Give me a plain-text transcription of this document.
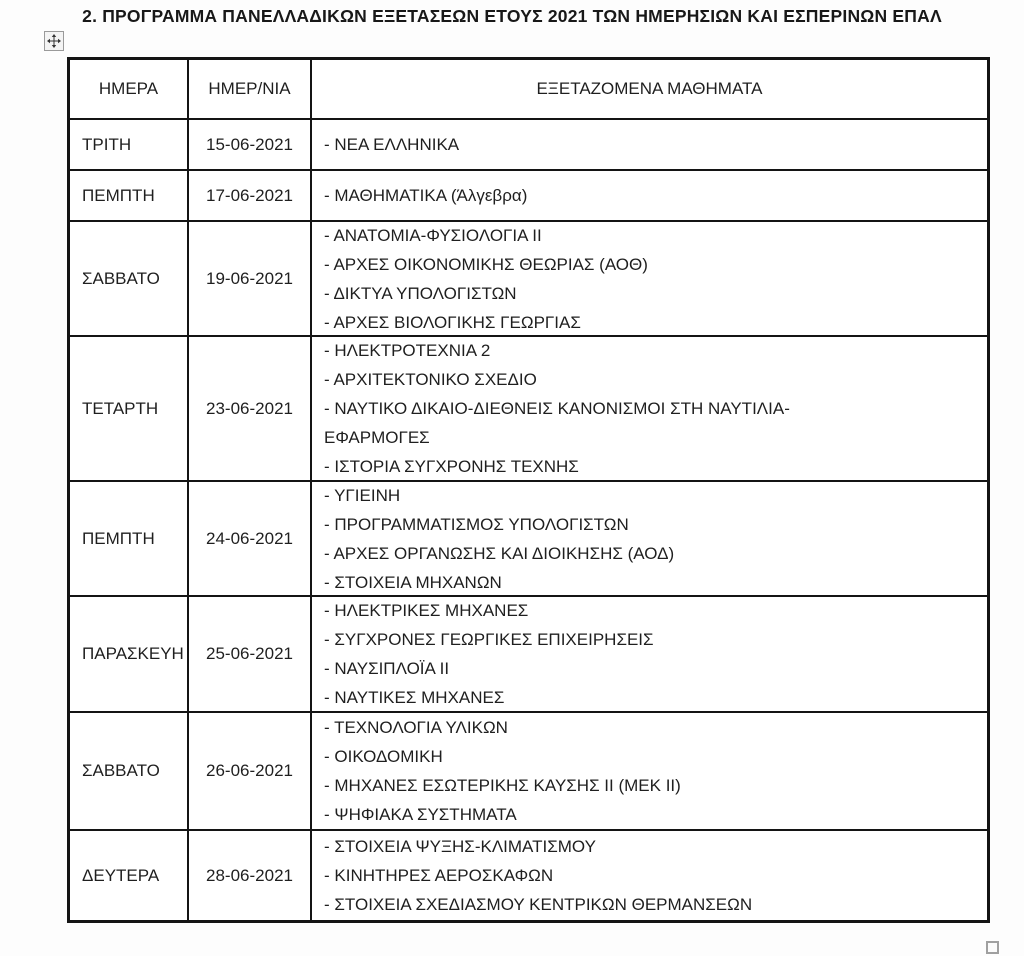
2. ΠΡΟΓΡΑΜΜΑ ΠΑΝΕΛΛΑΔΙΚΩΝ ΕΞΕΤΑΣΕΩΝ ΕΤΟΥΣ 2021 ΤΩΝ ΗΜΕΡΗΣΙΩΝ ΚΑΙ ΕΣΠΕΡΙΝΩΝ ΕΠΑΛ
ΗΜΕΡΑ	ΗΜΕΡ/ΝΙΑ	ΕΞΕΤΑΖΟΜΕΝΑ ΜΑΘΗΜΑΤΑ
ΤΡΙΤΗ	15-06-2021	- ΝΕΑ ΕΛΛΗΝΙΚΑ
ΠΕΜΠΤΗ	17-06-2021	- ΜΑΘΗΜΑΤΙΚΑ (Άλγεβρα)
ΣΑΒΒΑΤΟ	19-06-2021
- ΑΝΑΤΟΜΙΑ-ΦΥΣΙΟΛΟΓΙΑ ΙΙ
- ΑΡΧΕΣ ΟΙΚΟΝΟΜΙΚΗΣ ΘΕΩΡΙΑΣ (ΑΟΘ)
- ΔΙΚΤΥΑ ΥΠΟΛΟΓΙΣΤΩΝ
- ΑΡΧΕΣ ΒΙΟΛΟΓΙΚΗΣ ΓΕΩΡΓΙΑΣ
ΤΕΤΑΡΤΗ	23-06-2021
- ΗΛΕΚΤΡΟΤΕΧΝΙΑ 2
- ΑΡΧΙΤΕΚΤΟΝΙΚΟ ΣΧΕΔΙΟ
- ΝΑΥΤΙΚΟ ΔΙΚΑΙΟ-ΔΙΕΘΝΕΙΣ ΚΑΝΟΝΙΣΜΟΙ ΣΤΗ ΝΑΥΤΙΛΙΑ-
ΕΦΑΡΜΟΓΕΣ
- ΙΣΤΟΡΙΑ ΣΥΓΧΡΟΝΗΣ ΤΕΧΝΗΣ
ΠΕΜΠΤΗ	24-06-2021
- ΥΓΙΕΙΝΗ
- ΠΡΟΓΡΑΜΜΑΤΙΣΜΟΣ ΥΠΟΛΟΓΙΣΤΩΝ
- ΑΡΧΕΣ ΟΡΓΑΝΩΣΗΣ ΚΑΙ ΔΙΟΙΚΗΣΗΣ (ΑΟΔ)
- ΣΤΟΙΧΕΙΑ ΜΗΧΑΝΩΝ
ΠΑΡΑΣΚΕΥΗ	25-06-2021
- ΗΛΕΚΤΡΙΚΕΣ ΜΗΧΑΝΕΣ
- ΣΥΓΧΡΟΝΕΣ ΓΕΩΡΓΙΚΕΣ ΕΠΙΧΕΙΡΗΣΕΙΣ
- ΝΑΥΣΙΠΛΟΪΑ ΙΙ
- ΝΑΥΤΙΚΕΣ ΜΗΧΑΝΕΣ
ΣΑΒΒΑΤΟ	26-06-2021
- ΤΕΧΝΟΛΟΓΙΑ ΥΛΙΚΩΝ
- ΟΙΚΟΔΟΜΙΚΗ
- ΜΗΧΑΝΕΣ ΕΣΩΤΕΡΙΚΗΣ ΚΑΥΣΗΣ ΙΙ (ΜΕΚ ΙΙ)
- ΨΗΦΙΑΚΑ ΣΥΣΤΗΜΑΤΑ
ΔΕΥΤΕΡΑ	28-06-2021
- ΣΤΟΙΧΕΙΑ ΨΥΞΗΣ-ΚΛΙΜΑΤΙΣΜΟΥ
- ΚΙΝΗΤΗΡΕΣ ΑΕΡΟΣΚΑΦΩΝ
- ΣΤΟΙΧΕΙΑ ΣΧΕΔΙΑΣΜΟΥ ΚΕΝΤΡΙΚΩΝ ΘΕΡΜΑΝΣΕΩΝ
